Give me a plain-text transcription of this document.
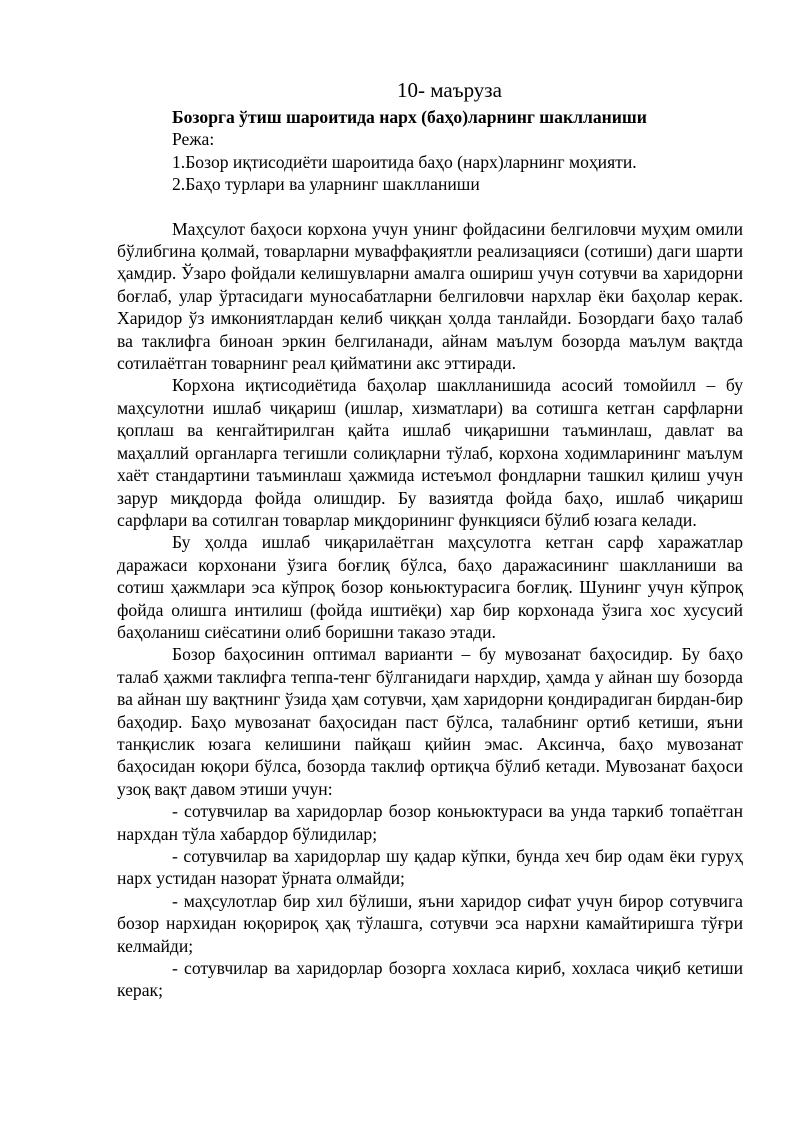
10- маъруза
Бозорга ўтиш шароитида нарх (баҳо)ларнинг шаклланиши
Режа:
1.Бозор иқтисодиёти шароитида баҳо (нарх)ларнинг моҳияти.
2.Баҳо турлари ва уларнинг шаклланиши

Маҳсулот баҳоси корхона учун унинг фойдасини белгиловчи муҳим омили бўлибгина қолмай, товарларни муваффақиятли реализацияси (сотиши) даги шарти ҳамдир. Ўзаро фойдали келишувларни амалга ошириш учун сотувчи ва харидорни боғлаб, улар ўртасидаги муносабатларни белгиловчи нархлар ёки баҳолар керак. Харидор ўз имкониятлардан келиб чиққан ҳолда танлайди. Бозордаги баҳо талаб ва таклифга биноан эркин белгиланади, айнам маълум бозорда маълум вақтда сотилаётган товарнинг реал қийматини акс эттиради.

Корхона иқтисодиётида баҳолар шаклланишида асосий томойилл – бу маҳсулотни ишлаб чиқариш (ишлар, хизматлари) ва сотишга кетган сарфларни қоплаш ва кенгайтирилган қайта ишлаб чиқаришни таъминлаш, давлат ва маҳаллий органларга тегишли солиқларни тўлаб, корхона ходимларининг маълум хаёт стандартини таъминлаш ҳажмида истеъмол фондларни ташкил қилиш учун зарур миқдорда фойда олишдир. Бу вазиятда фойда баҳо, ишлаб чиқариш сарфлари ва сотилган товарлар миқдорининг функцияси бўлиб юзага келади.

Бу ҳолда ишлаб чиқарилаётган маҳсулотга кетган сарф харажатлар даражаси корхонани ўзига боғлиқ бўлса, баҳо даражасининг шаклланиши ва сотиш ҳажмлари эса кўпроқ бозор коньюктурасига боғлиқ. Шунинг учун кўпроқ фойда олишга интилиш (фойда иштиёқи) хар бир корхонада ўзига хос хусусий баҳоланиш сиёсатини олиб боришни таказо этади.

Бозор баҳосинин оптимал варианти – бу мувозанат баҳосидир. Бу баҳо талаб ҳажми таклифга теппа-тенг бўлганидаги нархдир, ҳамда у айнан шу бозорда ва айнан шу вақтнинг ўзида ҳам сотувчи, ҳам харидорни қондирадиган бирдан-бир баҳодир. Баҳо мувозанат баҳосидан паст бўлса, талабнинг ортиб кетиши, яъни танқислик юзага келишини пайқаш қийин эмас. Аксинча, баҳо мувозанат баҳосидан юқори бўлса, бозорда таклиф ортиқча бўлиб кетади. Мувозанат баҳоси узоқ вақт давом этиши учун:

- сотувчилар ва харидорлар бозор коньюктураси ва унда таркиб топаётган нархдан тўла хабардор бўлидилар;

- сотувчилар ва харидорлар шу қадар кўпки, бунда хеч бир одам ёки гуруҳ нарх устидан назорат ўрната олмайди;

- маҳсулотлар бир хил бўлиши, яъни харидор сифат учун бирор сотувчига бозор нархидан юқорироқ ҳақ тўлашга, сотувчи эса нархни камайтиришга тўғри келмайди;

- сотувчилар ва харидорлар бозорга хохласа кириб, хохласа чиқиб кетиши керак;
